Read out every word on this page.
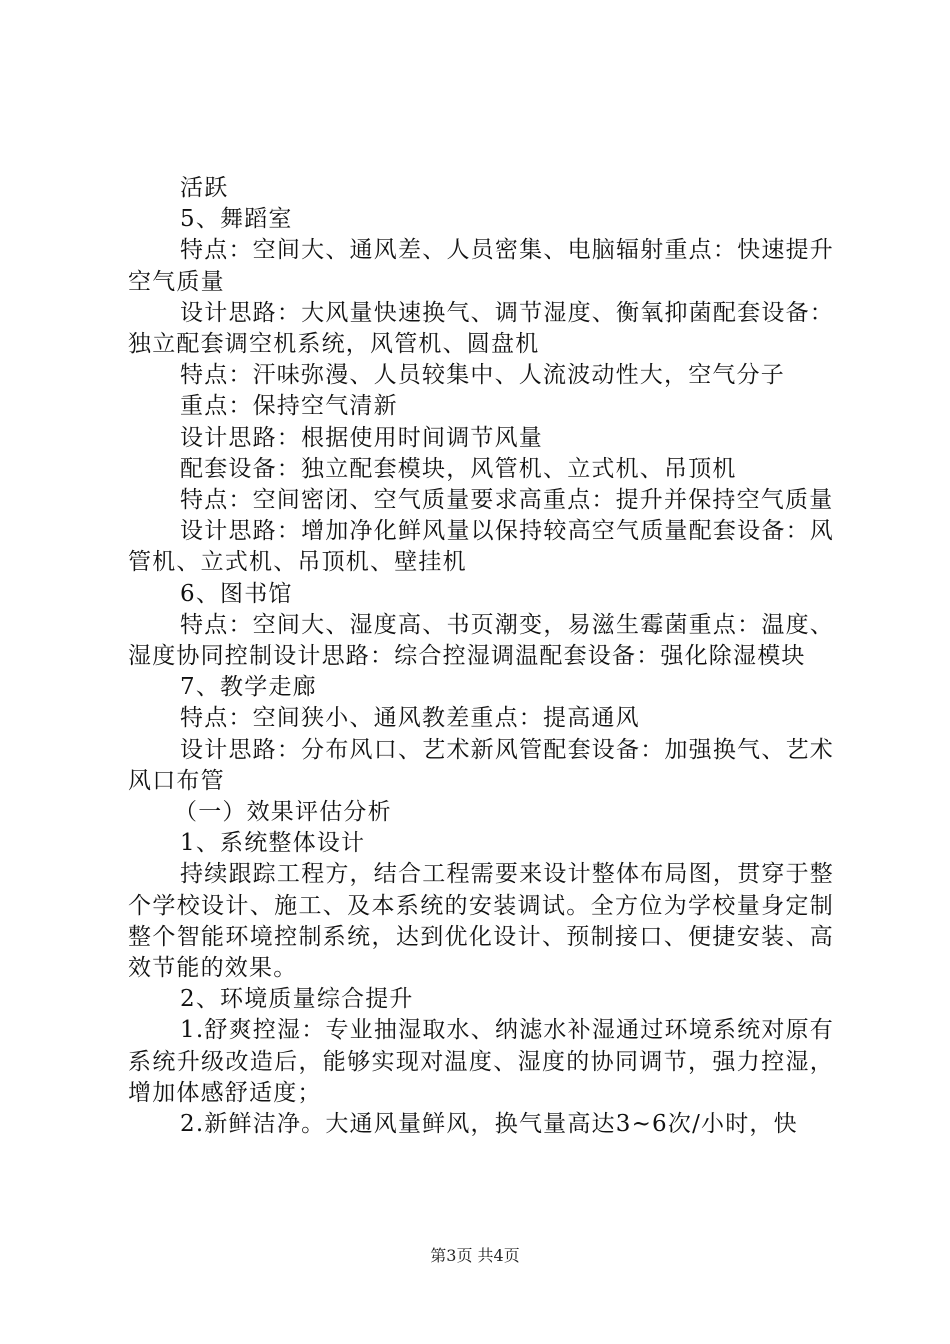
活跃

5、舞蹈室

特点：空间大、通风差、人员密集、电脑辐射重点：快速提升空气质量

设计思路：大风量快速换气、调节湿度、衡氧抑菌配套设备：独立配套调空机系统，风管机、圆盘机

特点：汗味弥漫、人员较集中、人流波动性大，空气分子

重点：保持空气清新

设计思路：根据使用时间调节风量

配套设备：独立配套模块，风管机、立式机、吊顶机

特点：空间密闭、空气质量要求高重点：提升并保持空气质量

设计思路：增加净化鲜风量以保持较高空气质量配套设备：风管机、立式机、吊顶机、壁挂机

6、图书馆

特点：空间大、湿度高、书页潮变，易滋生霉菌重点：温度、湿度协同控制设计思路：综合控湿调温配套设备：强化除湿模块

7、教学走廊

特点：空间狭小、通风教差重点：提高通风

设计思路：分布风口、艺术新风管配套设备：加强换气、艺术风口布管

（一）效果评估分析

1、系统整体设计

持续跟踪工程方，结合工程需要来设计整体布局图，贯穿于整个学校设计、施工、及本系统的安装调试。全方位为学校量身定制整个智能环境控制系统，达到优化设计、预制接口、便捷安装、高效节能的效果。

2、环境质量综合提升

1.舒爽控湿：专业抽湿取水、纳滤水补湿通过环境系统对原有系统升级改造后，能够实现对温度、湿度的协同调节，强力控湿，增加体感舒适度；

2.新鲜洁净。大通风量鲜风，换气量高达3~6次/小时，快

第3页 共4页
